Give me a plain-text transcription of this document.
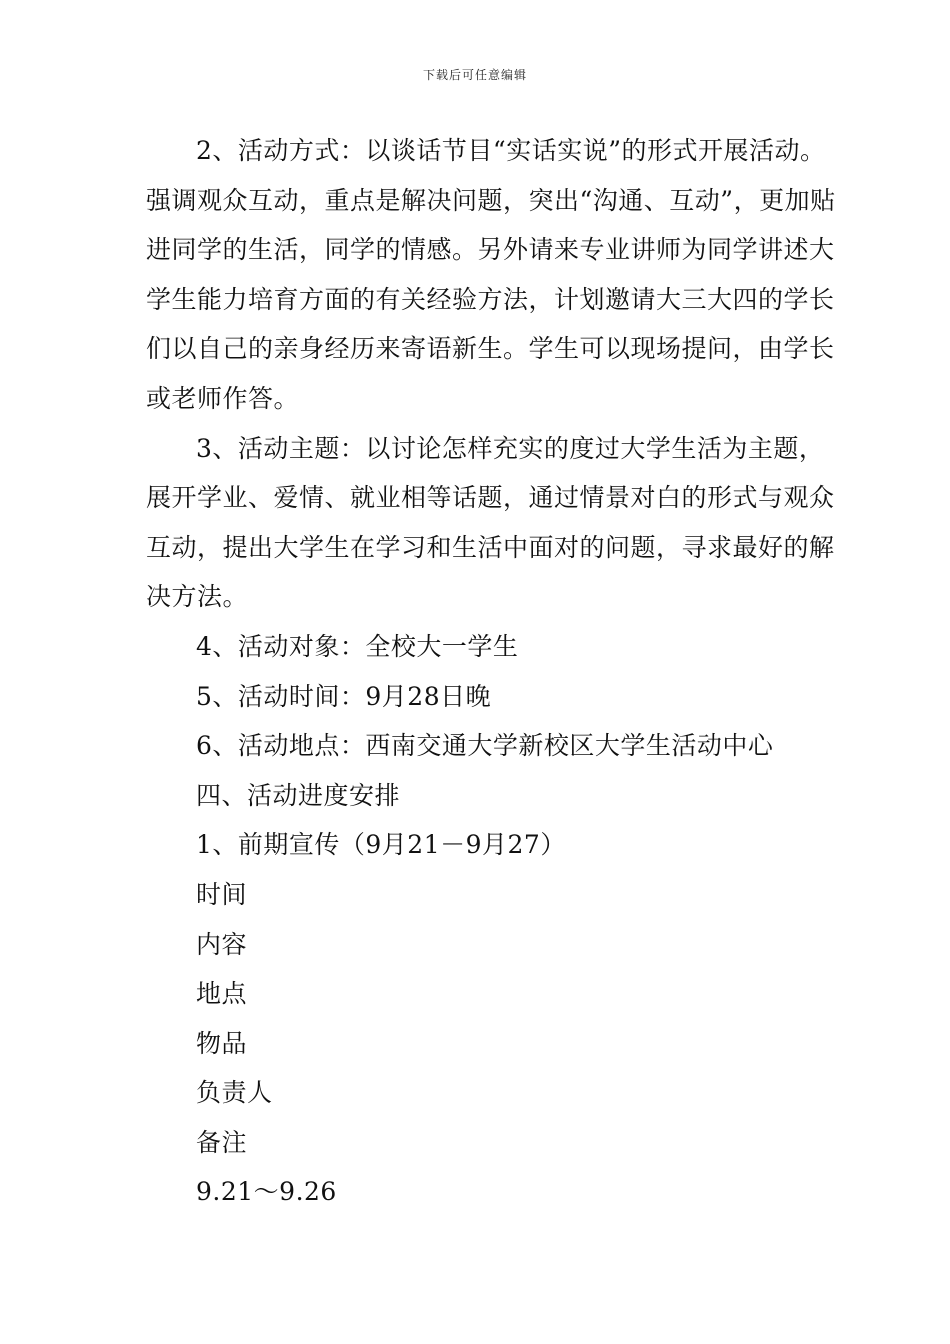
下载后可任意编辑

2、活动方式：以谈话节目“实话实说”的形式开展活动。强调观众互动，重点是解决问题，突出“沟通、互动”，更加贴进同学的生活，同学的情感。另外请来专业讲师为同学讲述大学生能力培育方面的有关经验方法，计划邀请大三大四的学长们以自己的亲身经历来寄语新生。学生可以现场提问，由学长或老师作答。

3、活动主题：以讨论怎样充实的度过大学生活为主题，展开学业、爱情、就业相等话题，通过情景对白的形式与观众互动，提出大学生在学习和生活中面对的问题，寻求最好的解决方法。

4、活动对象：全校大一学生

5、活动时间：9月28日晚

6、活动地点：西南交通大学新校区大学生活动中心

四、活动进度安排

1、前期宣传（9月21－9月27）

时间

内容

地点

物品

负责人

备注

9.21～9.26
